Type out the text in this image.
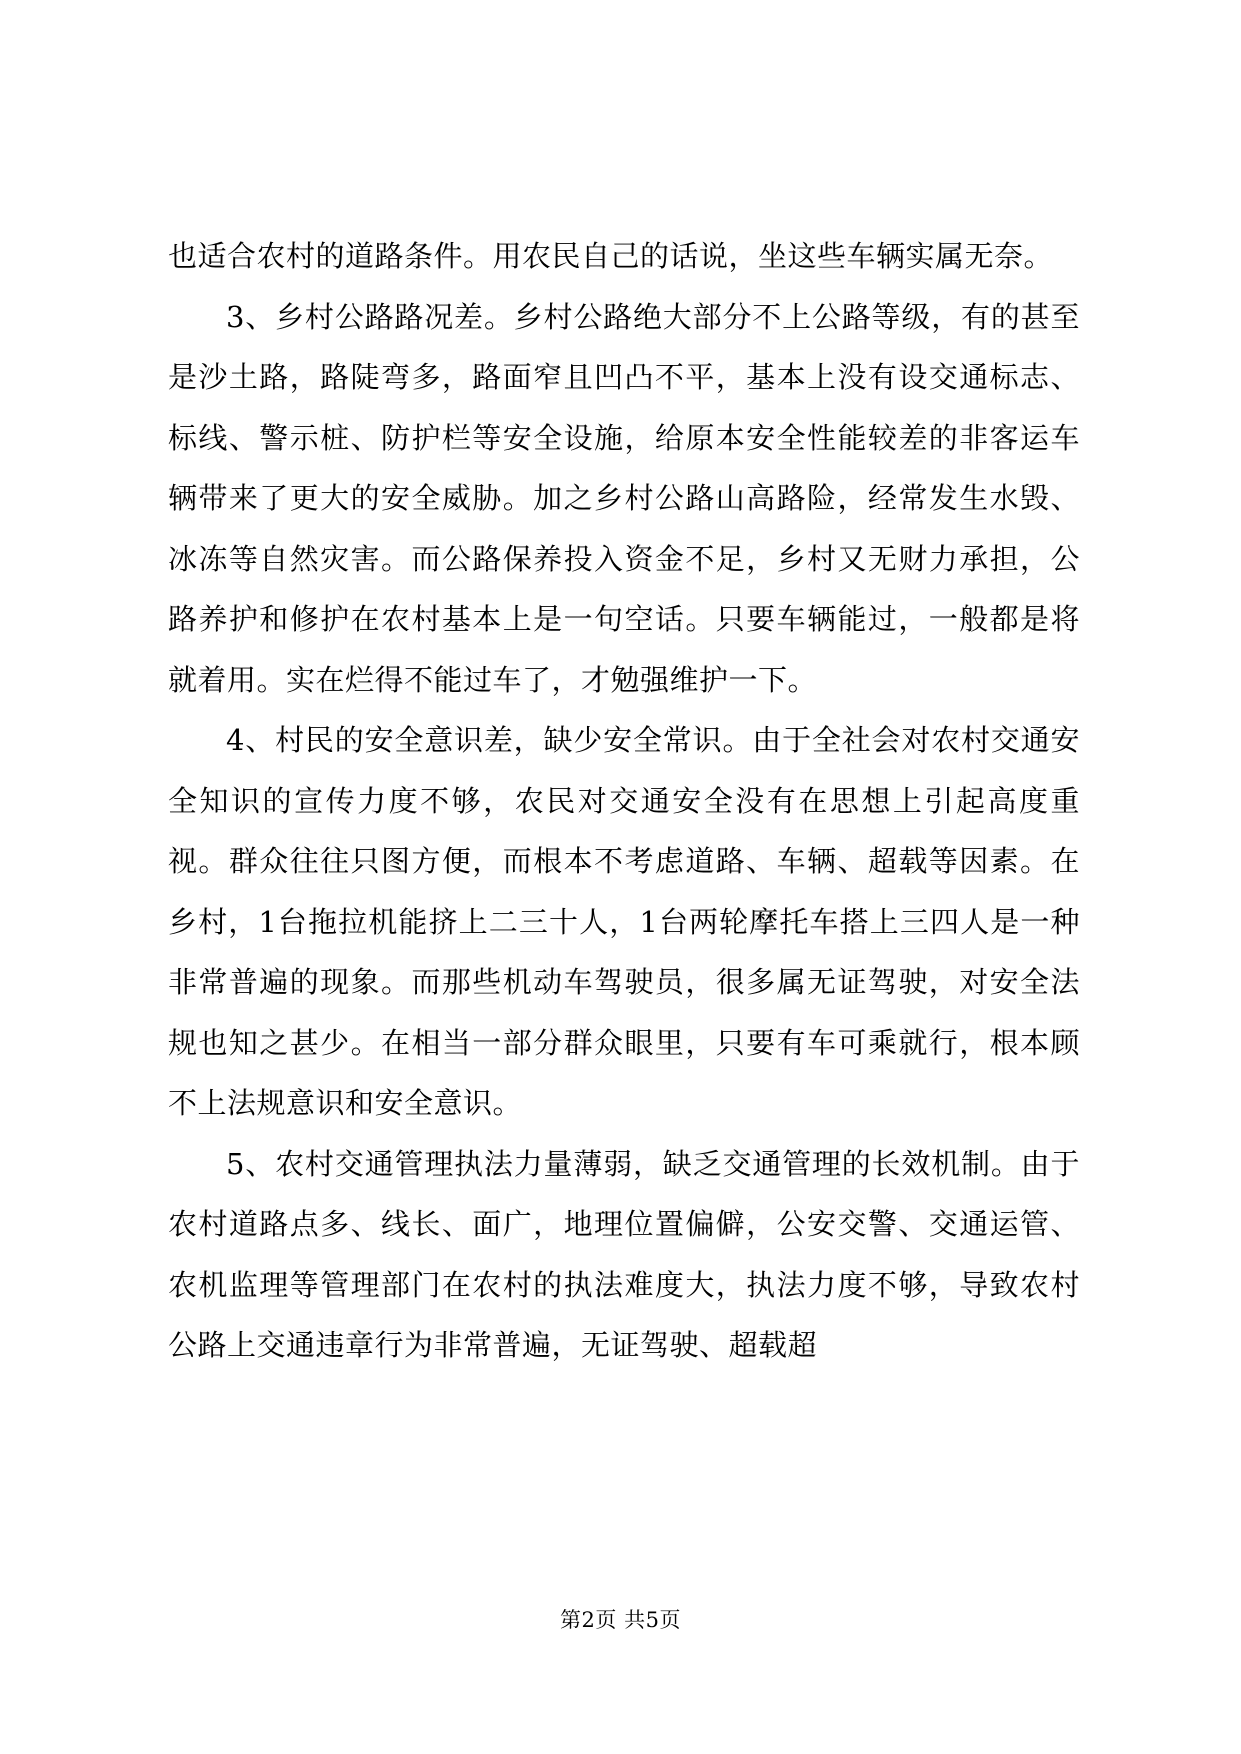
也适合农村的道路条件。用农民自己的话说，坐这些车辆实属无奈。

3、乡村公路路况差。乡村公路绝大部分不上公路等级，有的甚至是沙土路，路陡弯多，路面窄且凹凸不平，基本上没有设交通标志、标线、警示桩、防护栏等安全设施，给原本安全性能较差的非客运车辆带来了更大的安全威胁。加之乡村公路山高路险，经常发生水毁、冰冻等自然灾害。而公路保养投入资金不足，乡村又无财力承担，公路养护和修护在农村基本上是一句空话。只要车辆能过，一般都是将就着用。实在烂得不能过车了，才勉强维护一下。

4、村民的安全意识差，缺少安全常识。由于全社会对农村交通安全知识的宣传力度不够，农民对交通安全没有在思想上引起高度重视。群众往往只图方便，而根本不考虑道路、车辆、超载等因素。在乡村，1台拖拉机能挤上二三十人，1台两轮摩托车搭上三四人是一种非常普遍的现象。而那些机动车驾驶员，很多属无证驾驶，对安全法规也知之甚少。在相当一部分群众眼里，只要有车可乘就行，根本顾不上法规意识和安全意识。

5、农村交通管理执法力量薄弱，缺乏交通管理的长效机制。由于农村道路点多、线长、面广，地理位置偏僻，公安交警、交通运管、农机监理等管理部门在农村的执法难度大，执法力度不够，导致农村公路上交通违章行为非常普遍，无证驾驶、超载超

第2页 共5页
